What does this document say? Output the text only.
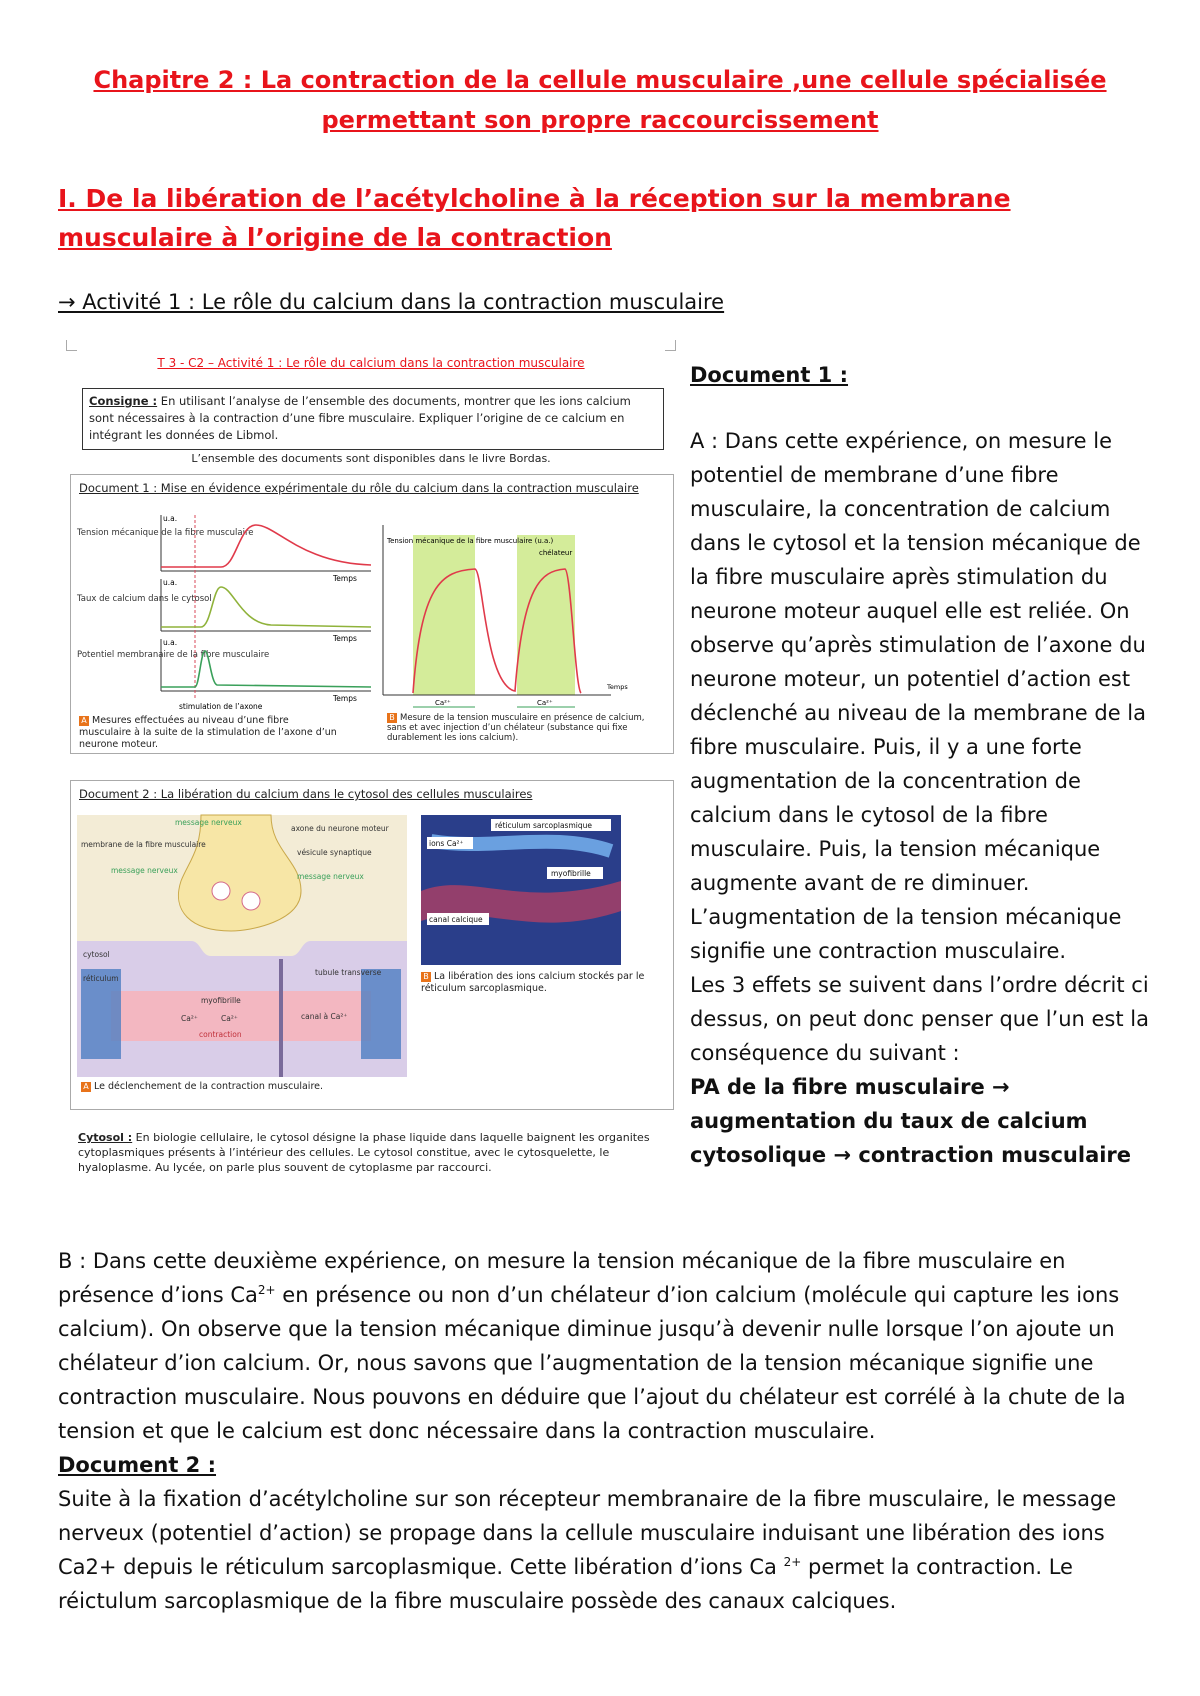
Chapitre 2 : La contraction de la cellule musculaire ,une cellule spécialisée permettant son propre raccourcissement
I. De la libération de l’acétylcholine à la réception sur la membrane musculaire à l’origine de la contraction
→ Activité 1 : Le rôle du calcium dans la contraction musculaire
T 3 - C2 – Activité 1 : Le rôle du calcium dans la contraction musculaire
Consigne : En utilisant l’analyse de l’ensemble des documents, montrer que les ions calcium sont nécessaires à la contraction d’une fibre musculaire. Expliquer l’origine de ce calcium en intégrant les données de Libmol.
L’ensemble des documents sont disponibles dans le livre Bordas.
Document 1 : Mise en évidence expérimentale du rôle du calcium dans la contraction musculaire
Tension mécanique de la fibre musculaire
Taux de calcium dans le cytosol
Potentiel membranaire de la fibre musculaire
u.a.
u.a.
u.a.
Temps
Temps
Temps
stimulation de l’axone
Tension mécanique de la fibre musculaire (u.a.)
chélateur
Ca²⁺	Ca²⁺
Temps
A Mesures effectuées au niveau d’une fibre musculaire à la suite de la stimulation de l’axone d’un neurone moteur.
B Mesure de la tension musculaire en présence de calcium, sans et avec injection d’un chélateur (substance qui fixe durablement les ions calcium).
Document 2 : La libération du calcium dans le cytosol des cellules musculaires
message nerveux
axone du neurone moteur
membrane de la fibre musculaire
vésicule synaptique
message nerveux
message nerveux
cytosol
réticulum
tubule transverse
myofibrille
Ca²⁺	Ca²⁺	canal à Ca²⁺
contraction
réticulum sarcoplasmique
ions Ca²⁺
myofibrille
canal calcique
B La libération des ions calcium stockés par le réticulum sarcoplasmique.
A Le déclenchement de la contraction musculaire.
Cytosol : En biologie cellulaire, le cytosol désigne la phase liquide dans laquelle baignent les organites cytoplasmiques présents à l’intérieur des cellules. Le cytosol constitue, avec le cytosquelette, le hyaloplasme. Au lycée, on parle plus souvent de cytoplasme par raccourci.
Document 1 :
A : Dans cette expérience, on mesure le potentiel de membrane d’une fibre musculaire, la concentration de calcium dans le cytosol et la tension mécanique de la fibre musculaire après stimulation du neurone moteur auquel elle est reliée. On observe qu’après stimulation de l’axone du neurone moteur, un potentiel d’action est déclenché au niveau de la membrane de la fibre musculaire. Puis, il y a une forte augmentation de la concentration de calcium dans le cytosol de la fibre musculaire. Puis, la tension mécanique augmente avant de re diminuer. L’augmentation de la tension mécanique signifie une contraction musculaire.
Les 3 effets se suivent dans l’ordre décrit ci dessus, on peut donc penser que l’un est la conséquence du suivant :
PA de la fibre musculaire → augmentation du taux de calcium cytosolique → contraction musculaire
B : Dans cette deuxième expérience, on mesure la tension mécanique de la fibre musculaire en présence d’ions $Ca^{2+}$ en présence ou non d’un chélateur d’ion calcium (molécule qui capture les ions calcium). On observe que la tension mécanique diminue jusqu’à devenir nulle lorsque l’on ajoute un chélateur d’ion calcium. Or, nous savons que l’augmentation de la tension mécanique signifie une contraction musculaire. Nous pouvons en déduire que l’ajout du chélateur est corrélé à la chute de la tension et que le calcium est donc nécessaire dans la contraction musculaire.
Document 2 :
Suite à la fixation d’acétylcholine sur son récepteur membranaire de la fibre musculaire, le message nerveux (potentiel d’action) se propage dans la cellule musculaire induisant une libération des ions Ca2+ depuis le réticulum sarcoplasmique. Cette libération d’ions Ca $^{2+}$ permet la contraction. Le réictulum sarcoplasmique de la fibre musculaire possède des canaux calciques.
